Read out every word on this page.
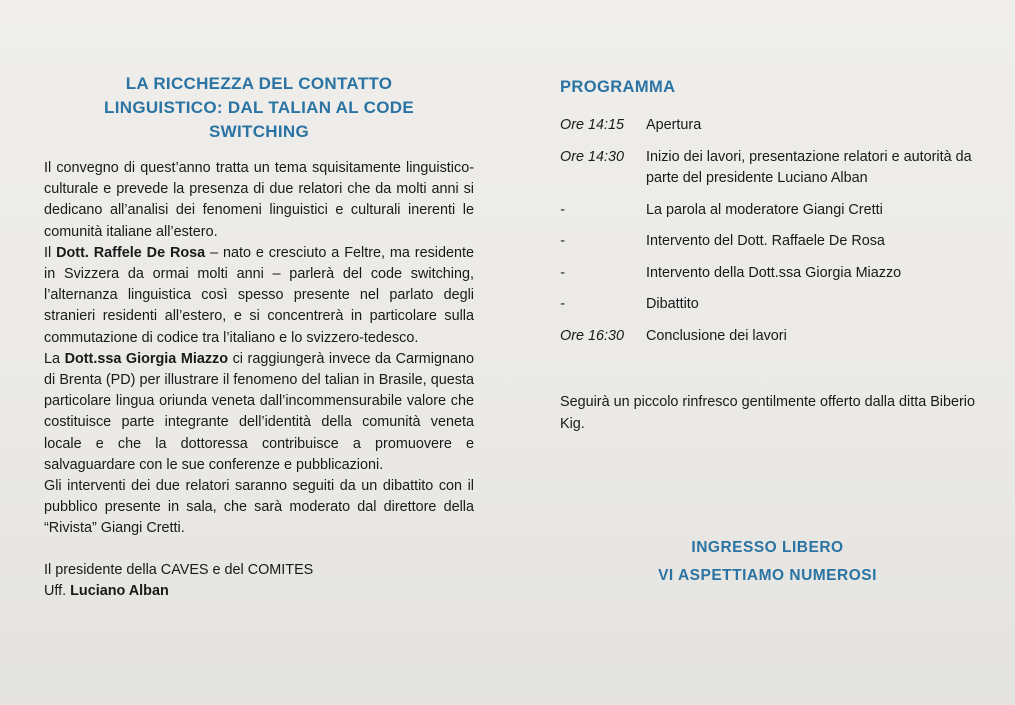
LA RICCHEZZA DEL CONTATTO
LINGUISTICO: DAL TALIAN AL CODE
SWITCHING

Il convegno di quest’anno tratta un tema squisitamente linguistico-culturale e prevede la presenza di due relatori che da molti anni si dedicano all’analisi dei fenomeni linguistici e culturali inerenti le comunità italiane all’estero.

Il Dott. Raffele De Rosa – nato e cresciuto a Feltre, ma residente in Svizzera da ormai molti anni – parlerà del code switching, l’alternanza linguistica così spesso presente nel parlato degli stranieri residenti all’estero, e si concentrerà in particolare sulla commutazione di codice tra l’italiano e lo svizzero-tedesco.

La Dott.ssa Giorgia Miazzo ci raggiungerà invece da Carmignano di Brenta (PD) per illustrare il fenomeno del talian in Brasile, questa particolare lingua oriunda veneta dall’incommensurabile valore che costituisce parte integrante dell’identità della comunità veneta locale e che la dottoressa contribuisce a promuovere e salvaguardare con le sue conferenze e pubblicazioni.

Gli interventi dei due relatori saranno seguiti da un dibattito con il pubblico presente in sala, che sarà moderato dal direttore della “Rivista” Giangi Cretti.

Il presidente della CAVES e del COMITES
Uff. Luciano Alban
PROGRAMMA
Ore 14:15	Apertura
Ore 14:30	Inizio dei lavori, presentazione relatori e autorità da parte del presidente Luciano Alban
-	La parola al moderatore Giangi Cretti
-	Intervento del Dott. Raffaele De Rosa
-	Intervento della Dott.ssa Giorgia Miazzo
-	Dibattito
Ore 16:30	Conclusione dei lavori
Seguirà un piccolo rinfresco gentilmente offerto dalla ditta Biberio Kig.
INGRESSO LIBERO
VI ASPETTIAMO NUMEROSI
